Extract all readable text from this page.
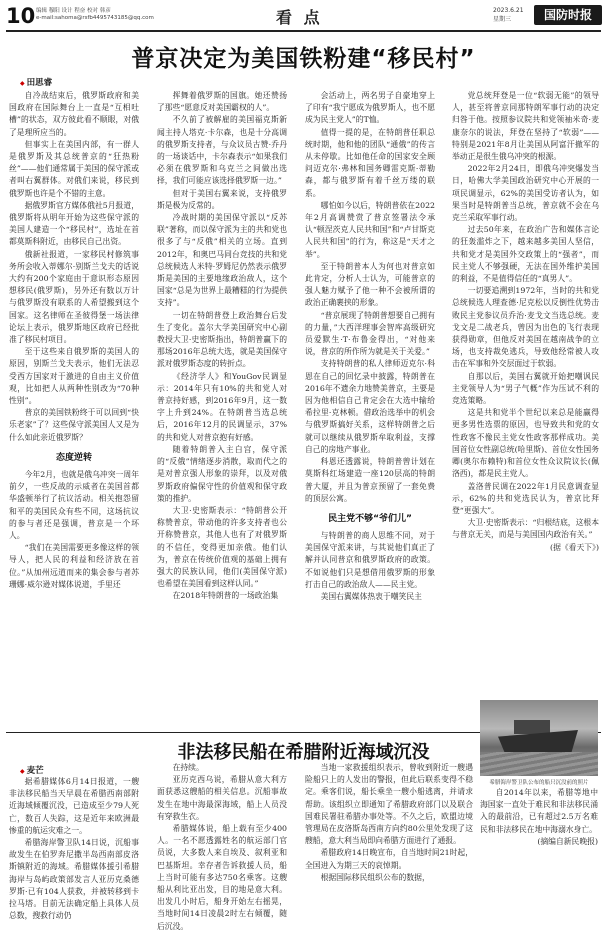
10 编辑 穆阳 设计 程奋 校对 韩彦
e-mail:sahoma@rsfb4495743185@qq.com	看 点	2023.6.21
星期三	国防时报
普京决定为美国铁粉建“移民村”
◆ 田思睿

自冷战结束后，俄罗斯政府和美国政府在国际舞台上一直是“互相吐槽”的状态，双方彼此看不顺眼，对俄了是理所应当的。

但事实上在美国内部，有一群人是俄罗斯及其总统普京的“狂热粉丝”——他们通常属于美国的保守派或者叫右翼群体。对俄们来说，移民到俄罗斯也许是个不错的主意。

据俄罗斯官方媒体俄社5月报道，俄罗斯将从明年开始为这些保守派的美国人建造一个“移民村”，选址在首都莫斯科附近，由移民自己出资。

俄新社报道，一家移民村修筑事务所会收入蒂娜尔·别斯兰戈夫的话说大约有200个家庭由于意识形态原因想移民(俄罗斯)，另外还有数以万计与俄罗斯没有联系的人希望搬到这个国家。这名律师在圣彼得堡一场法律论坛上表示，俄罗斯地区政府已经批准了移民村项目。

至于这些来自俄罗斯的美国人的原因，别斯兰戈夫表示，他们无法忍受西方国家对于激进的自由主义价值观，比如把人从两种性别改为“70种性别”。

普京的美国铁粉终于可以回到“快乐老家”了？这些保守派美国人又是为什么如此亲近俄罗斯？

态度逆转

今年2月，也就是俄乌冲突一周年前夕，一些反战的示威者在美国首都华盛顿举行了抗议活动。相关抱怨留和平的美国民众有些不同，这场抗议的参与者还是强调，普京是一个坏人。

“我们在美国需要更多像这样的领导人，把人民的利益和经济放在首位。”从加州远道而来的集会参与者苏珊娜·威尔逊对媒体说道，手里还

挥舞着俄罗斯的国旗。她还赞扬了那些“愿意反对美国霸权的人”。

不久前了被解雇的美国福克斯新闻主持人塔克·卡尔森，也是十分高调的俄罗斯支持者，与众议员古赞·乔丹的一场谈话中，卡尔森表示“如果我们必须在俄罗斯和乌克兰之间做出选择，我们可能应该选择俄罗斯一边。”

但对于美国右翼来说，支持俄罗斯是极为反常的。

冷战时期的美国保守派以“反苏联”著称，而以保守派为主的共和党也很多了与“反俄”相关的立场。直到2012年，和奥巴马同台竞技的共和党总统候选人米特·罗姆尼仍然表示俄罗斯是美国的主要地缘政治敌人，这个国家“总是为世界上最糟糕的行为提供支持”。

一切在特朗普登上政治舞台后发生了变化。盖尔大学美国研究中心副教授大卫·史密斯指出，特朗普赢下的那场2016年总统大选，就是美国保守派对俄罗斯态度的转折点。

《经济学人》和YouGov民调显示：2014年只有10%的共和党人对普京持好感，到2016年9月，这一数字上升到24%。在特朗普当选总统后，2016年12月的民调显示，37%的共和党人对普京抱有好感。

随着特朗普入主白宫，保守派的“反俄”情绪逐步消散，取而代之的是对普京强人形象的崇拜，以及对俄罗斯政府偏保守性的价值观和保守政策的推护。

大卫·史密斯表示：“特朗普公开称赞普京，带动他的许多支持者也公开称赞普京，其他人也有了对俄罗斯的不信任，变得更加亲俄。他们认为，普京在传统价值观的基础上拥有强大的民族认同，他们(美国保守派)也希望在美国看到这样认同。”

在2018年特朗普的一场政治集

会活动上，两名男子自豪地穿上了印有“我宁愿成为俄罗斯人，也不愿成为民主党人”的T恤。

值得一提的是，在特朗普任职总统时期，他和他的团队“通俄”的传言从未停歇。比如他任命的国家安全顾问迈克尔·弗林和国务卿雷克斯·蒂勒森，都与俄罗斯有着千丝万缕的联系。

哪怕如今以后，特朗普依在2022年2月高调赞赏了普京签署法令承认“顿涅茨克人民共和国”和“卢甘斯克人民共和国”的行为，称这是“天才之举”。

至于特朗普本人为何也对普京如此肯定，分析人士认为，可能普京的强人魅力赋予了他一种不会被所谓的政治正确裹挟的形象。

“普京展现了特朗普想要自己拥有的力量，”大西洋理事会智库高级研究员爱默生·T·布鲁金得出，“对他来说，普京的所作所为就是关于关爱。”

支持特朗普的私人律师迈克尔·科恩在自己的回忆录中披露，特朗普在2016年不遗余力地赞美普京，主要是因为他相信自己肯定会在大选中输给希拉里·克林顿。借政治选举中的机会与俄罗斯搞好关系，这样特朗普之后就可以继续从俄罗斯牟取利益，支撑自己的房地产事业。

科恩还透露说，特朗普曾计划在莫斯科红场建造一座120层高的特朗普大厦，并且为普京预留了一套免费的顶层公寓。

民主党不够“爷们儿”

与特朗普的商人思维不同，对于美国保守派来讲，与其说他们真正了解并认同普京和俄罗斯政府的政策。不如说他们只是想借用俄罗斯的形象打击自己的政治敌人——民主党。

美国右翼媒体热衷于嘲笑民主

党总统拜登是一位“软弱无能”的领导人，甚至将普京同那特朗军事行动的决定归咎于他。按照参议院共和党领袖米奇·麦康奈尔的说法，拜登在坚持了“软弱”——特别是2021年8月让美国从阿富汗撤军的举动正是很生俄乌冲突的根源。

2022年2月24日，即俄乌冲突爆发当日，哈佛大学美国政治研究中心开展的一项民调显示，62%的美国受访者认为，如果当时是特朗普当总统，普京就不会在乌克兰采取军事行动。

过去50年来，在政治广告和媒体言论的狂轰滥炸之下，越来越多美国人坚信，共和党才是美国外交政策上的“强者”，而民主党人不够强硬，无法在国外维护美国的利益，不是值得信任的“真男人”。

一切要追溯到1972年，当时的共和党总统候选人理查德·尼克松以反倒性优势击败民主党参议员乔治·麦戈文当选总统。麦戈文是二战老兵，曾因为出色的飞行表现获得勋章，但他反对美国在越南战争的立场，也支持裁免逃兵，导致他经常被人攻击在军事和外交层面过于软弱。

自那以后，美国右翼就开始把嘲讽民主党领导人为“男子气概”作为压试不利的竞选策略。

这是共和党半个世纪以来总是能赢得更多男性选票的原因，也导致共和党的女性政客不像民主党女性政客那样成功。美国首位女性副总统(哈里斯)、首位女性国务卿(奥尔布赖特)和首位女性众议院议长(佩洛西)，都是民主党人。

盖洛普民调在2022年1月民意调查显示，62%的共和党选民认为，普京比拜登“更强大”。

大卫·史密斯表示：“归根结底，这根本与普京无关，而是与美国国内政治有关。”

(据《看天下》)

非法移民船在希腊附近海域沉没
◆ 麦芒

据希腊媒体6月14日报道，一艘非法移民船当天早晨在希腊西南部附近海域倾覆沉没，已造成至少79人死亡，数百人失踪，这是近年来欧洲最惨重的航运灾难之一。

希腊海岸警卫队14日说，沉船事故发生在伯罗奔尼撒半岛西南部皮洛斯镇附近的海域。希腊媒体援引希腊海岸与岛屿政策部发言人亚历克桑德罗斯·已有104人获救，并被转移到卡拉马塔。目前无法确定船上具体人员总数，搜救行动仍

在持续。

亚历克西乌说，希腊从意大利方面获悉这艘船的相关信息。沉船事故发生在地中海最深海域，船上人员没有穿救生衣。

希腊媒体说，船上载有至少400人。一名不愿透露姓名的航运部门官员说，大多数人来自埃及、叙利亚和巴基斯坦。幸存者告诉救援人员，船上当时可能有多达750名乘客。这艘船从利比亚出发，目的地是意大利。出发几小时后，船身开始左右摇晃，当地时间14日凌晨2时左右倾覆，随后沉没。

当地一家救援组织表示，曾收到附近一艘遇险船只上的人发出的警报，但此后联系变得不稳定。乘客们说，船长乘坐一艘小船逃离，并请求帮助。该组织立即通知了希腊政府部门以及联合国难民署驻希腊办事处等。不久之后，欧盟边境管理局在皮洛斯岛西南方向约80公里处发现了这艘船，意大利当局即向希腊方面进行了通报。

希腊政府14日晚宣布，自当地时间21时起，全国进入为期三天的哀悼期。

根据国际移民组织公布的数据，

希腊海岸警卫队公布的船只沉没前的照片

自2014年以来，希腊等地中海国家一直处于难民和非法移民涌入的最前沿，已有超过2.5万名难民和非法移民在地中海溺水身亡。

(摘编自新民晚报)
